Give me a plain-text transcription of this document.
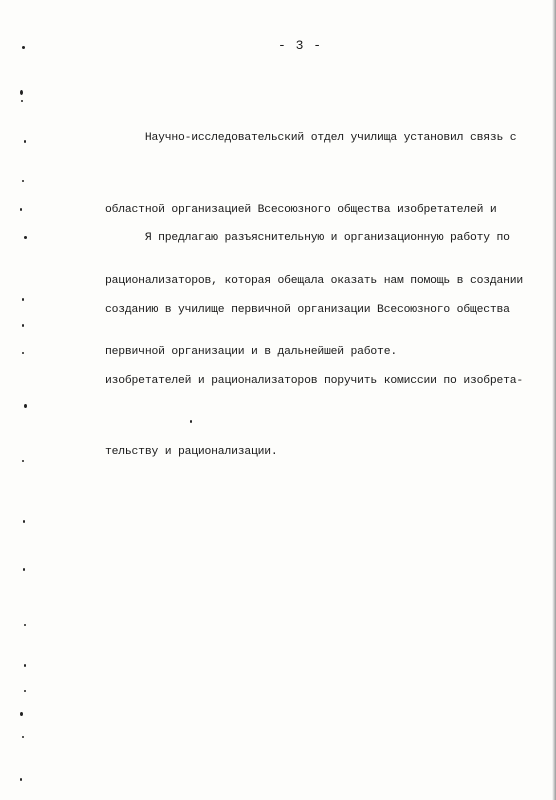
- 3 -

Научно-исследовательский отдел училища установил связь с

областной организацией Всесоюзного общества изобретателей и

рационализаторов, которая обещала оказать нам помощь в создании

первичной организации и в дальнейшей работе.

Я предлагаю разъяснительную и организационную работу по

созданию в училище первичной организации Всесоюзного общества

изобретателей и рационализаторов поручить комиссии по изобрета-

тельству и рационализации.
